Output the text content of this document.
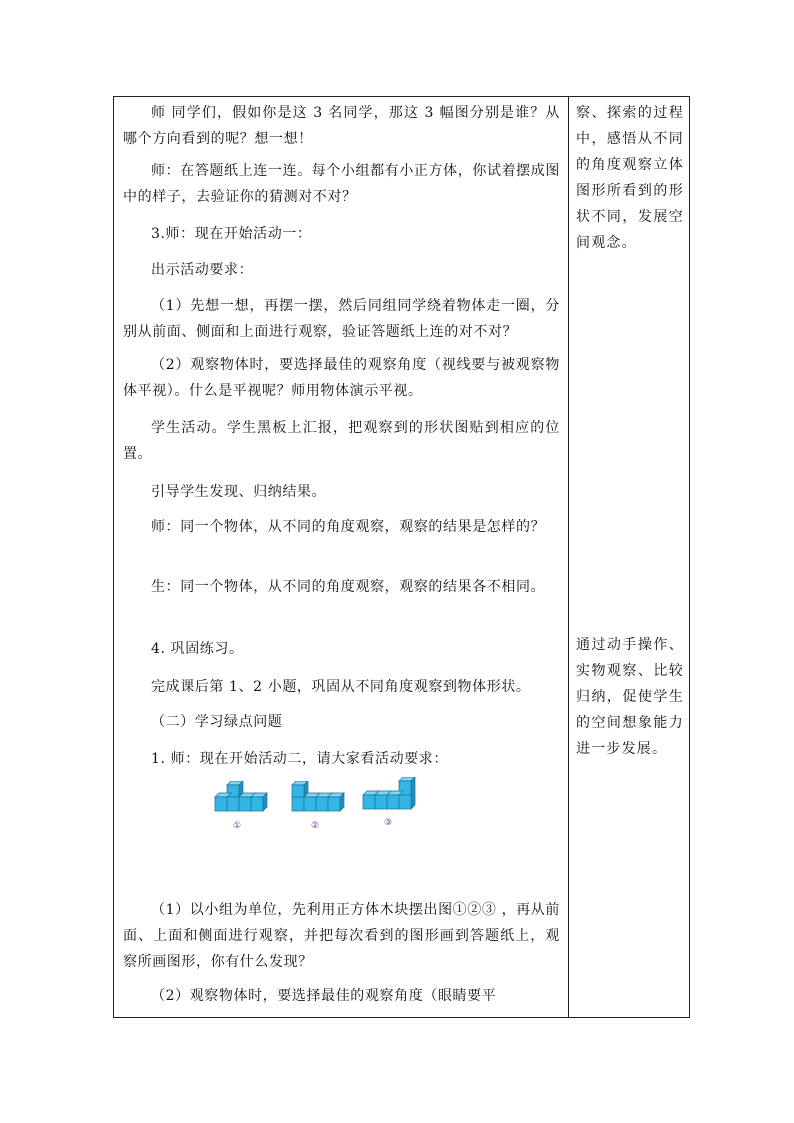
师 同学们，假如你是这 3 名同学，那这 3 幅图分别是谁？从哪个方向看到的呢？想一想！

师：在答题纸上连一连。每个小组都有小正方体，你试着摆成图中的样子，去验证你的猜测对不对？

3.师：现在开始活动一：

出示活动要求：

（1）先想一想，再摆一摆，然后同组同学绕着物体走一圈，分别从前面、侧面和上面进行观察，验证答题纸上连的对不对？

（2）观察物体时，要选择最佳的观察角度（视线要与被观察物体平视）。什么是平视呢？师用物体演示平视。

学生活动。学生黑板上汇报，把观察到的形状图贴到相应的位置。

引导学生发现、归纳结果。

师：同一个物体，从不同的角度观察，观察的结果是怎样的？

生：同一个物体，从不同的角度观察，观察的结果各不相同。

4. 巩固练习。

完成课后第 1、2 小题，巩固从不同角度观察到物体形状。

（二）学习绿点问题

1. 师：现在开始活动二，请大家看活动要求：

①	②	③

（1）以小组为单位，先利用正方体木块摆出图①②③ ，再从前面、上面和侧面进行观察，并把每次看到的图形画到答题纸上，观察所画图形，你有什么发现？

（2）观察物体时，要选择最佳的观察角度（眼睛要平

察、探索的过程中，感悟从不同的角度观察立体图形所看到的形状不同，发展空间观念。

通过动手操作、实物观察、比较归纳，促使学生的空间想象能力进一步发展。
